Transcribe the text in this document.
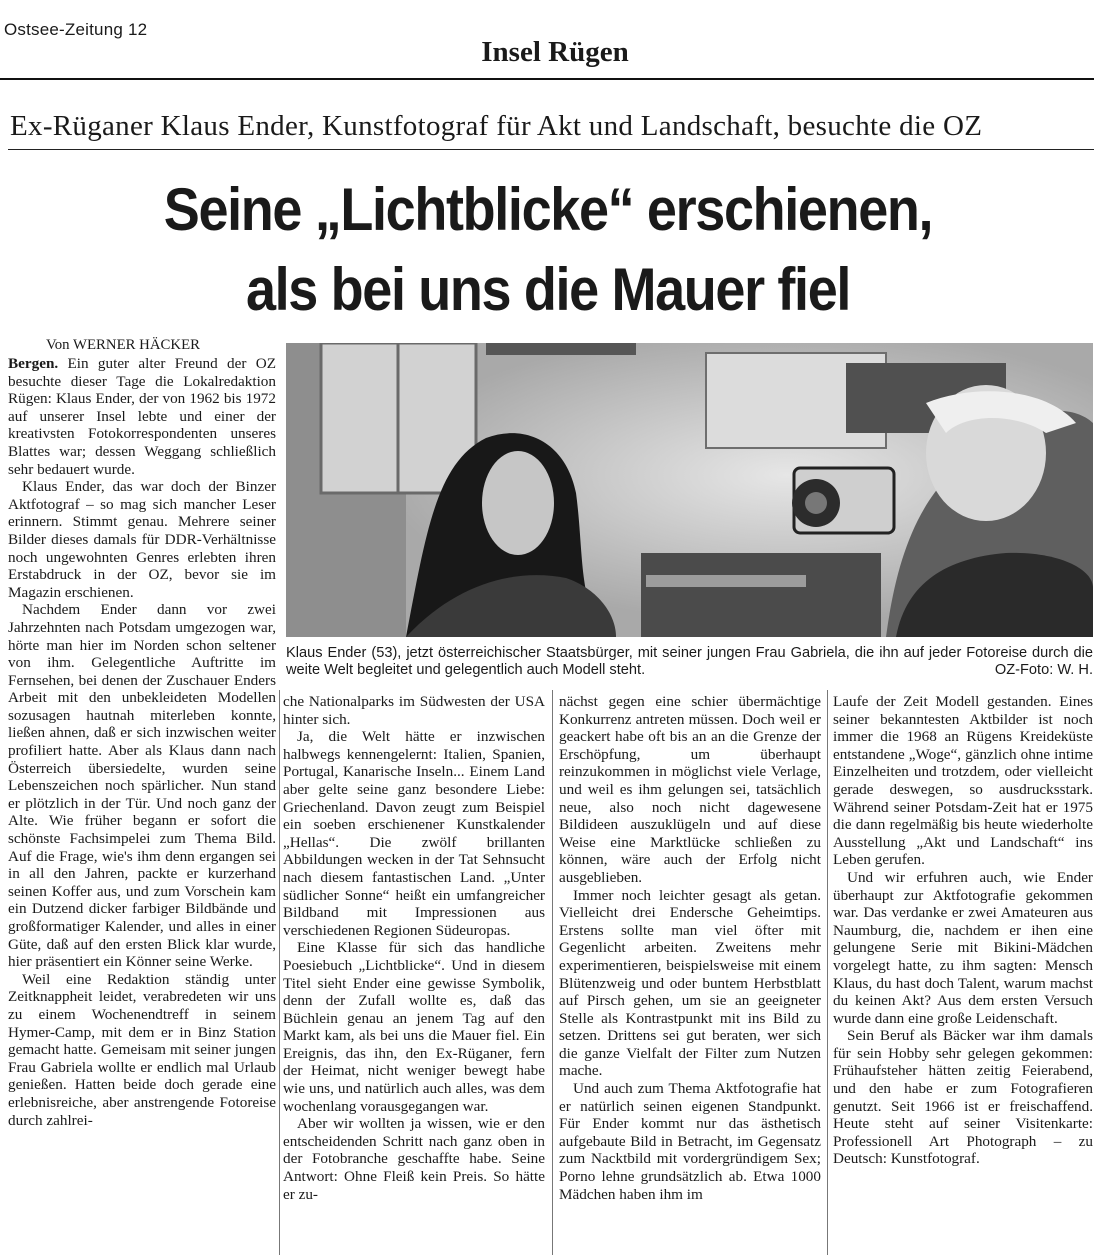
Ostsee-Zeitung 12
Insel Rügen
Ex-Rüganer Klaus Ender, Kunstfotograf für Akt und Landschaft, besuchte die OZ
Seine „Lichtblicke“ erschienen,
als bei uns die Mauer fiel
Von WERNER HÄCKER

Bergen. Ein guter alter Freund der OZ besuchte dieser Tage die Lokalredaktion Rügen: Klaus Ender, der von 1962 bis 1972 auf unserer Insel lebte und einer der kreativsten Fotokorrespondenten unseres Blattes war; dessen Weggang schließlich sehr bedauert wurde.

Klaus Ender, das war doch der Binzer Aktfotograf – so mag sich mancher Leser erinnern. Stimmt genau. Mehrere seiner Bilder dieses damals für DDR-Verhältnisse noch ungewohnten Genres erlebten ihren Erstabdruck in der OZ, bevor sie im Magazin erschienen.

Nachdem Ender dann vor zwei Jahrzehnten nach Potsdam umgezogen war, hörte man hier im Norden schon seltener von ihm. Gelegentliche Auftritte im Fernsehen, bei denen der Zuschauer Enders Arbeit mit den unbekleideten Modellen sozusagen hautnah miterleben konnte, ließen ahnen, daß er sich inzwischen weiter profiliert hatte. Aber als Klaus dann nach Österreich übersiedelte, wurden seine Lebenszeichen noch spärlicher. Nun stand er plötzlich in der Tür. Und noch ganz der Alte. Wie früher begann er sofort die schönste Fachsimpelei zum Thema Bild. Auf die Frage, wie's ihm denn ergangen sei in all den Jahren, packte er kurzerhand seinen Koffer aus, und zum Vorschein kam ein Dutzend dicker farbiger Bildbände und großformatiger Kalender, und alles in einer Güte, daß auf den ersten Blick klar wurde, hier präsentiert ein Könner seine Werke.

Weil eine Redaktion ständig unter Zeitknappheit leidet, verabredeten wir uns zu einem Wochenendtreff in seinem Hymer-Camp, mit dem er in Binz Station gemacht hatte. Gemeisam mit seiner jungen Frau Gabriela wollte er endlich mal Urlaub genießen. Hatten beide doch gerade eine erlebnisreiche, aber anstrengende Fotoreise durch zahlrei-

Klaus Ender (53), jetzt österreichischer Staatsbürger, mit seiner jungen Frau Gabriela, die ihn auf jeder Fotoreise durch die weite Welt begleitet und gelegentlich auch Modell steht.	OZ-Foto: W. H.

che Nationalparks im Südwesten der USA hinter sich.

Ja, die Welt hätte er inzwischen halbwegs kennengelernt: Italien, Spanien, Portugal, Kanarische Inseln... Einem Land aber gelte seine ganz besondere Liebe: Griechenland. Davon zeugt zum Beispiel ein soeben erschienener Kunstkalender „Hellas“. Die zwölf brillanten Abbildungen wecken in der Tat Sehnsucht nach diesem fantastischen Land. „Unter südlicher Sonne“ heißt ein umfangreicher Bildband mit Impressionen aus verschiedenen Regionen Südeuropas.

Eine Klasse für sich das handliche Poesiebuch „Lichtblicke“. Und in diesem Titel sieht Ender eine gewisse Symbolik, denn der Zufall wollte es, daß das Büchlein genau an jenem Tag auf den Markt kam, als bei uns die Mauer fiel. Ein Ereignis, das ihn, den Ex-Rüganer, fern der Heimat, nicht weniger bewegt habe wie uns, und natürlich auch alles, was dem wochenlang vorausgegangen war.

Aber wir wollten ja wissen, wie er den entscheidenden Schritt nach ganz oben in der Fotobranche geschaffte habe. Seine Antwort: Ohne Fleiß kein Preis. So hätte er zu-

nächst gegen eine schier übermächtige Konkurrenz antreten müssen. Doch weil er geackert habe oft bis an an die Grenze der Erschöpfung, um überhaupt reinzukommen in möglichst viele Verlage, und weil es ihm gelungen sei, tatsächlich neue, also noch nicht dagewesene Bildideen auszuklügeln und auf diese Weise eine Marktlücke schließen zu können, wäre auch der Erfolg nicht ausgeblieben.

Immer noch leichter gesagt als getan. Vielleicht drei Endersche Geheimtips. Erstens sollte man viel öfter mit Gegenlicht arbeiten. Zweitens mehr experimentieren, beispielsweise mit einem Blütenzweig und oder buntem Herbstblatt auf Pirsch gehen, um sie an geeigneter Stelle als Kontrastpunkt mit ins Bild zu setzen. Drittens sei gut beraten, wer sich die ganze Vielfalt der Filter zum Nutzen mache.

Und auch zum Thema Aktfotografie hat er natürlich seinen eigenen Standpunkt. Für Ender kommt nur das ästhetisch aufgebaute Bild in Betracht, im Gegensatz zum Nacktbild mit vordergründigem Sex; Porno lehne grundsätzlich ab. Etwa 1000 Mädchen haben ihm im

Laufe der Zeit Modell gestanden. Eines seiner bekanntesten Aktbilder ist noch immer die 1968 an Rügens Kreideküste entstandene „Woge“, gänzlich ohne intime Einzelheiten und trotzdem, oder vielleicht gerade deswegen, so ausdrucksstark. Während seiner Potsdam-Zeit hat er 1975 die dann regelmäßig bis heute wiederholte Ausstellung „Akt und Landschaft“ ins Leben gerufen.

Und wir erfuhren auch, wie Ender überhaupt zur Aktfotografie gekommen war. Das verdanke er zwei Amateuren aus Naumburg, die, nachdem er ihen eine gelungene Serie mit Bikini-Mädchen vorgelegt hatte, zu ihm sagten: Mensch Klaus, du hast doch Talent, warum machst du keinen Akt? Aus dem ersten Versuch wurde dann eine große Leidenschaft.

Sein Beruf als Bäcker war ihm damals für sein Hobby sehr gelegen gekommen: Frühaufsteher hätten zeitig Feierabend, und den habe er zum Fotografieren genutzt. Seit 1966 ist er freischaffend. Heute steht auf seiner Visitenkarte: Professionell Art Photograph – zu Deutsch: Kunstfotograf.
